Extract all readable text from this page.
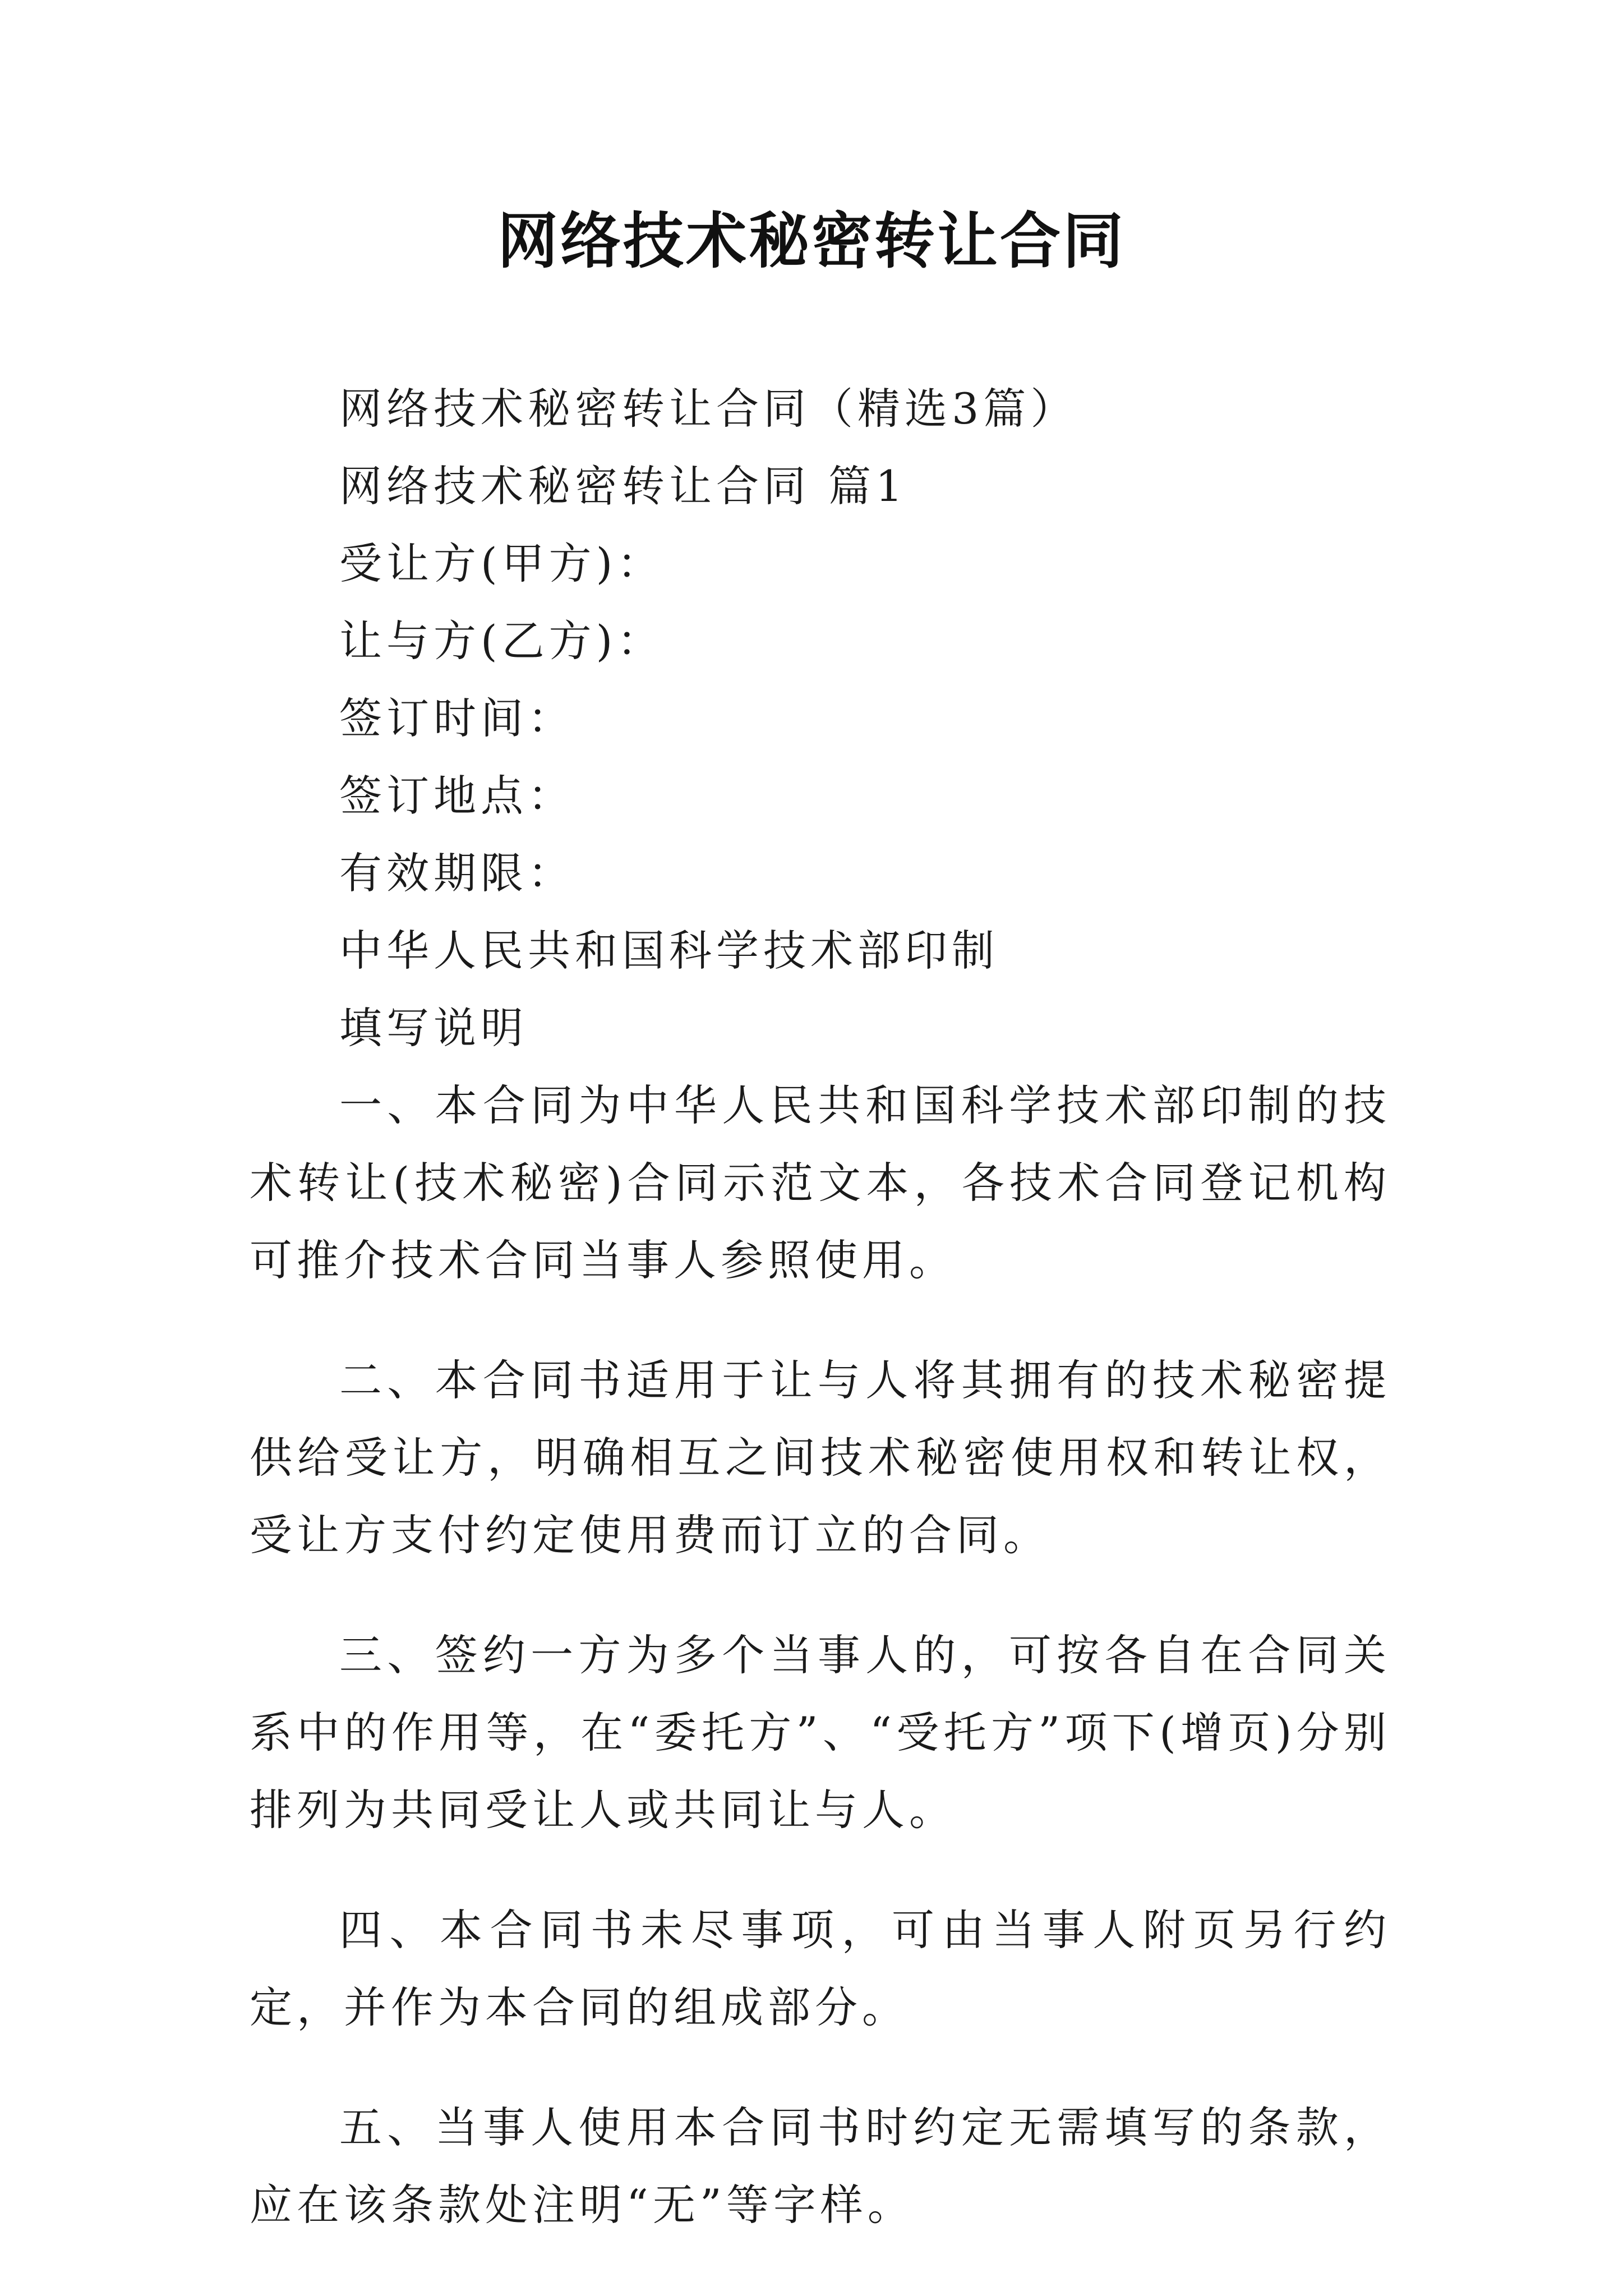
网络技术秘密转让合同
网络技术秘密转让合同（精选3篇）
网络技术秘密转让合同 篇1
受让方(甲方)：
让与方(乙方)：
签订时间：
签订地点：
有效期限：
中华人民共和国科学技术部印制
填写说明

一、本合同为中华人民共和国科学技术部印制的技术转让(技术秘密)合同示范文本，各技术合同登记机构可推介技术合同当事人参照使用。

二、本合同书适用于让与人将其拥有的技术秘密提供给受让方，明确相互之间技术秘密使用权和转让权，受让方支付约定使用费而订立的合同。

三、签约一方为多个当事人的，可按各自在合同关系中的作用等，在“委托方”、“受托方”项下(增页)分别排列为共同受让人或共同让与人。

四、本合同书未尽事项，可由当事人附页另行约定，并作为本合同的组成部分。

五、当事人使用本合同书时约定无需填写的条款，应在该条款处注明“无”等字样。
